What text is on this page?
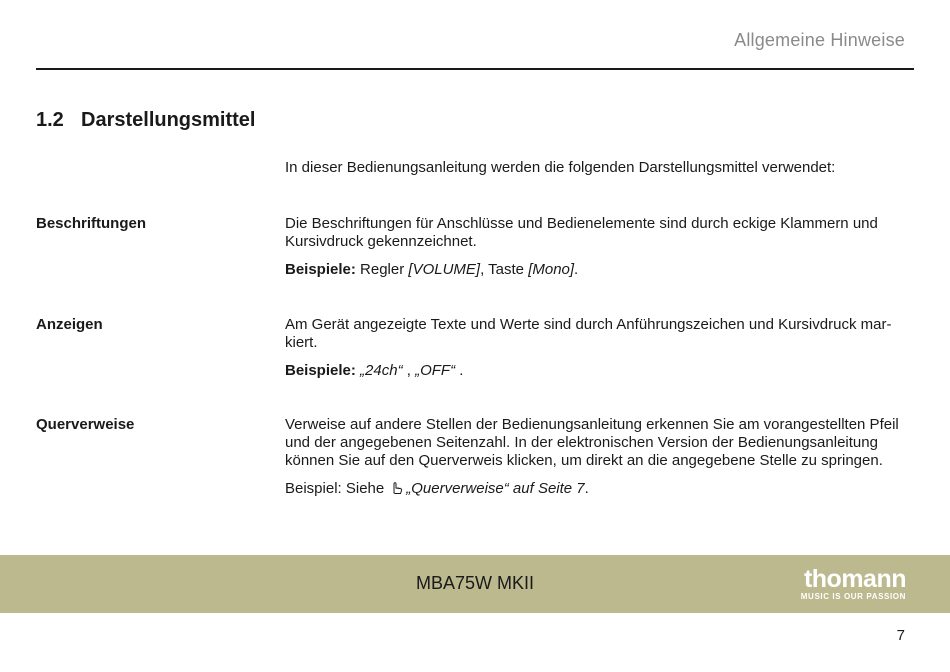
Allgemeine Hinweise
1.2 Darstellungsmittel
In dieser Bedienungsanleitung werden die folgenden Darstellungsmittel verwendet:
Beschriftungen	Die Beschriftungen für Anschlüsse und Bedienelemente sind durch eckige Klammern und Kursivdruck gekennzeichnet.

Beispiele: Regler [VOLUME], Taste [Mono].

Anzeigen	Am Gerät angezeigte Texte und Werte sind durch Anführungszeichen und Kursivdruck markiert.

Beispiele: „24ch“ , „OFF“ .

Querverweise	Verweise auf andere Stellen der Bedienungsanleitung erkennen Sie am vorangestellten Pfeil und der angegebenen Seitenzahl. In der elektronischen Version der Bedienungsanleitung können Sie auf den Querverweis klicken, um direkt an die angegebene Stelle zu springen.

Beispiel: Siehe „Querverweise“ auf Seite 7.

MBA75W MKII	thomann
MUSIC IS OUR PASSION
7
